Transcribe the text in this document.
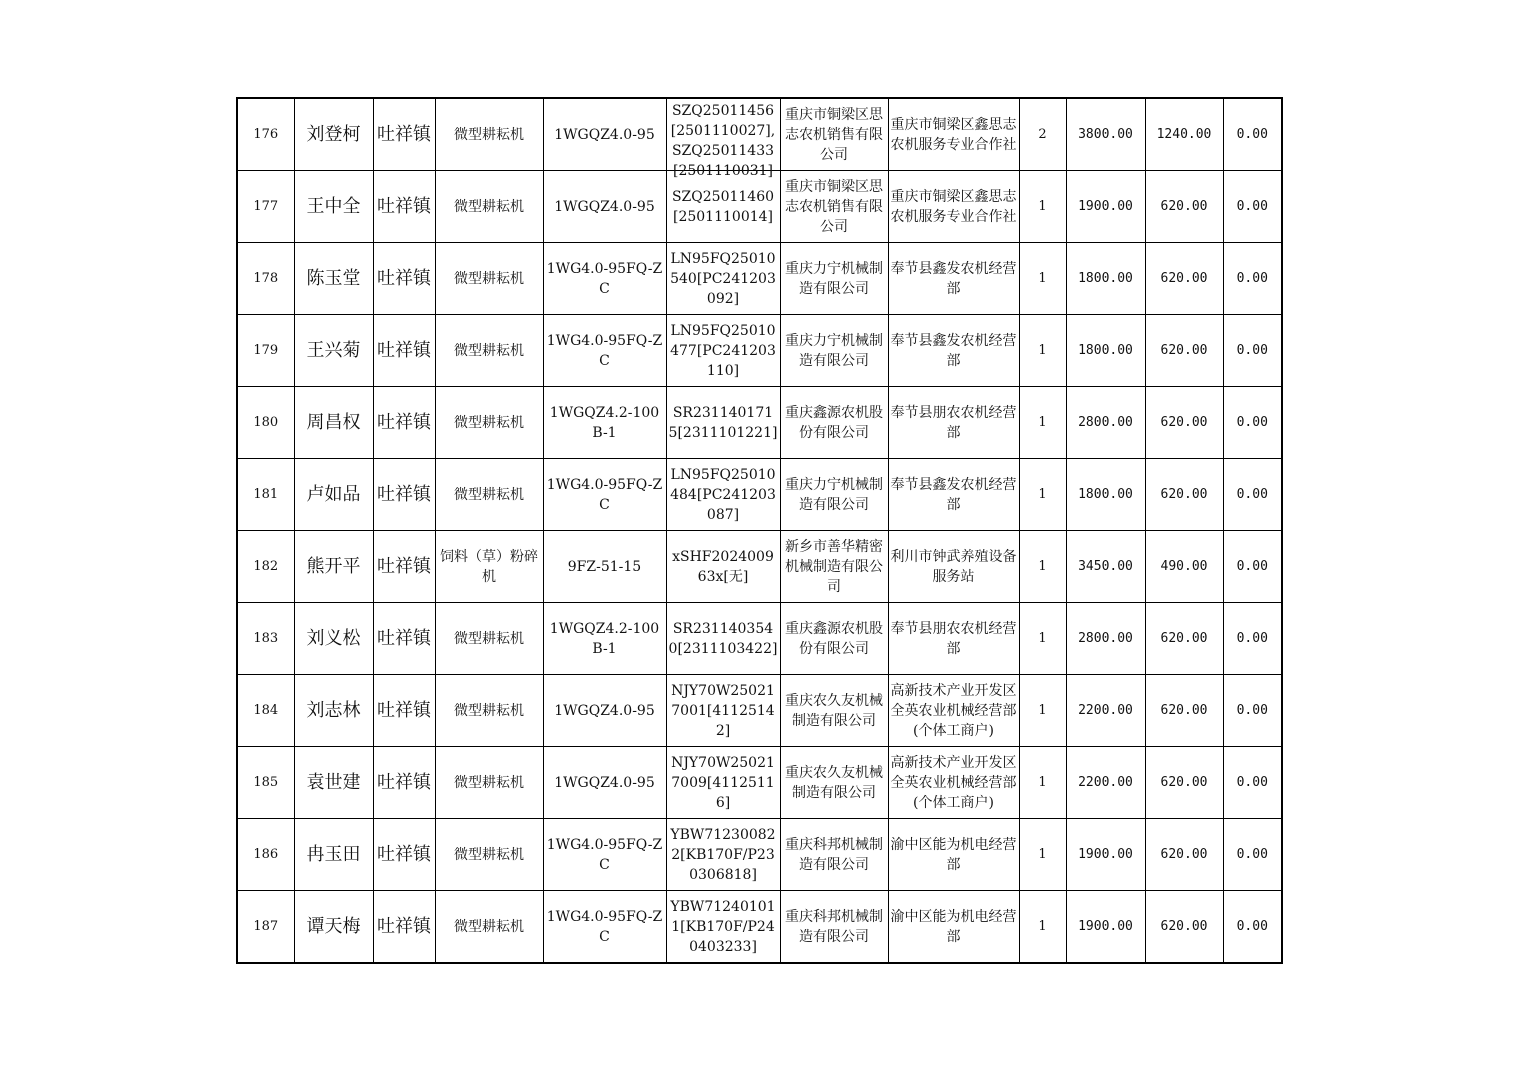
176	刘登柯	吐祥镇	微型耕耘机	1WGQZ4.0-95	SZQ25011456[2501110027],SZQ25011433[2501110031]	重庆市铜梁区思志农机销售有限公司	重庆市铜梁区鑫思志农机服务专业合作社	2	3800.00	1240.00	0.00
177	王中全	吐祥镇	微型耕耘机	1WGQZ4.0-95	SZQ25011460[2501110014]	重庆市铜梁区思志农机销售有限公司	重庆市铜梁区鑫思志农机服务专业合作社	1	1900.00	620.00	0.00
178	陈玉堂	吐祥镇	微型耕耘机	1WG4.0-95FQ-ZC	LN95FQ25010540[PC241203092]	重庆力宁机械制造有限公司	奉节县鑫发农机经营部	1	1800.00	620.00	0.00
179	王兴菊	吐祥镇	微型耕耘机	1WG4.0-95FQ-ZC	LN95FQ25010477[PC241203110]	重庆力宁机械制造有限公司	奉节县鑫发农机经营部	1	1800.00	620.00	0.00
180	周昌权	吐祥镇	微型耕耘机	1WGQZ4.2-100B-1	SR2311401715[2311101221]	重庆鑫源农机股份有限公司	奉节县朋农农机经营部	1	2800.00	620.00	0.00
181	卢如品	吐祥镇	微型耕耘机	1WG4.0-95FQ-ZC	LN95FQ25010484[PC241203087]	重庆力宁机械制造有限公司	奉节县鑫发农机经营部	1	1800.00	620.00	0.00
182	熊开平	吐祥镇	饲料（草）粉碎机	9FZ-51-15	xSHF202400963x[无]	新乡市善华精密机械制造有限公司	利川市钟武养殖设备服务站	1	3450.00	490.00	0.00
183	刘义松	吐祥镇	微型耕耘机	1WGQZ4.2-100B-1	SR2311403540[2311103422]	重庆鑫源农机股份有限公司	奉节县朋农农机经营部	1	2800.00	620.00	0.00
184	刘志林	吐祥镇	微型耕耘机	1WGQZ4.0-95	NJY70W250217001[41125142]	重庆农久友机械制造有限公司	高新技术产业开发区全英农业机械经营部(个体工商户)	1	2200.00	620.00	0.00
185	袁世建	吐祥镇	微型耕耘机	1WGQZ4.0-95	NJY70W250217009[41125116]	重庆农久友机械制造有限公司	高新技术产业开发区全英农业机械经营部(个体工商户)	1	2200.00	620.00	0.00
186	冉玉田	吐祥镇	微型耕耘机	1WG4.0-95FQ-ZC	YBW712300822[KB170F/P230306818]	重庆科邦机械制造有限公司	渝中区能为机电经营部	1	1900.00	620.00	0.00
187	谭天梅	吐祥镇	微型耕耘机	1WG4.0-95FQ-ZC	YBW712401011[KB170F/P240403233]	重庆科邦机械制造有限公司	渝中区能为机电经营部	1	1900.00	620.00	0.00
